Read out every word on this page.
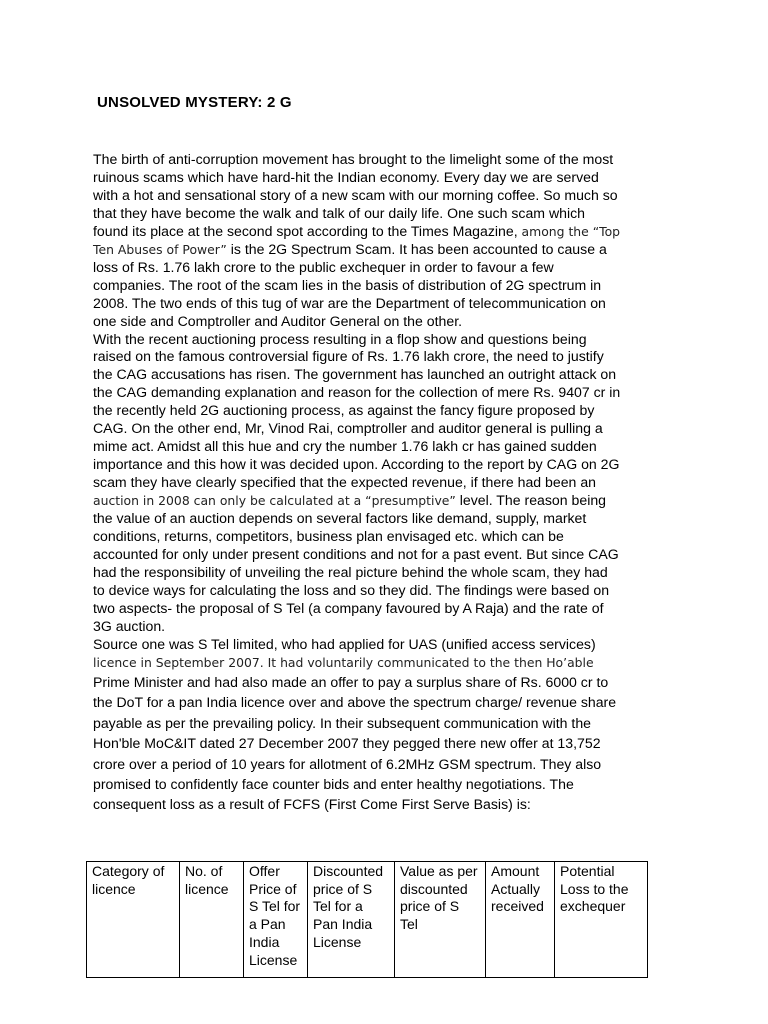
UNSOLVED MYSTERY: 2 G
The birth of anti-corruption movement has brought to the limelight some of the most
ruinous scams which have hard-hit the Indian economy. Every day we are served
with a hot and sensational story of a new scam with our morning coffee. So much so
that they have become the walk and talk of our daily life. One such scam which
found its place at the second spot according to the Times Magazine, among the “Top
Ten Abuses of Power” is the 2G Spectrum Scam. It has been accounted to cause a
loss of Rs. 1.76 lakh crore to the public exchequer in order to favour a few
companies. The root of the scam lies in the basis of distribution of 2G spectrum in
2008. The two ends of this tug of war are the Department of telecommunication on
one side and Comptroller and Auditor General on the other.
With the recent auctioning process resulting in a flop show and questions being
raised on the famous controversial figure of Rs. 1.76 lakh crore, the need to justify
the CAG accusations has risen. The government has launched an outright attack on
the CAG demanding explanation and reason for the collection of mere Rs. 9407 cr in
the recently held 2G auctioning process, as against the fancy figure proposed by
CAG. On the other end, Mr, Vinod Rai, comptroller and auditor general is pulling a
mime act. Amidst all this hue and cry the number 1.76 lakh cr has gained sudden
importance and this how it was decided upon. According to the report by CAG on 2G
scam they have clearly specified that the expected revenue, if there had been an
auction in 2008 can only be calculated at a “presumptive” level. The reason being
the value of an auction depends on several factors like demand, supply, market
conditions, returns, competitors, business plan envisaged etc. which can be
accounted for only under present conditions and not for a past event. But since CAG
had the responsibility of unveiling the real picture behind the whole scam, they had
to device ways for calculating the loss and so they did. The findings were based on
two aspects- the proposal of S Tel (a company favoured by A Raja) and the rate of
3G auction.
Source one was S Tel limited, who had applied for UAS (unified access services)
licence in September 2007. It had voluntarily communicated to the then Ho’able
Prime Minister and had also made an offer to pay a surplus share of Rs. 6000 cr to
the DoT for a pan India licence over and above the spectrum charge/ revenue share
payable as per the prevailing policy. In their subsequent communication with the
Hon'ble MoC&IT dated 27 December 2007 they pegged there new offer at 13,752
crore over a period of 10 years for allotment of 6.2MHz GSM spectrum. They also
promised to confidently face counter bids and enter healthy negotiations. The
consequent loss as a result of FCFS (First Come First Serve Basis) is:
Category of licence	No. of licence	Offer Price of S Tel for a Pan India License	Discounted price of S Tel for a Pan India License	Value as per discounted price of S Tel	Amount Actually received	Potential Loss to the exchequer
